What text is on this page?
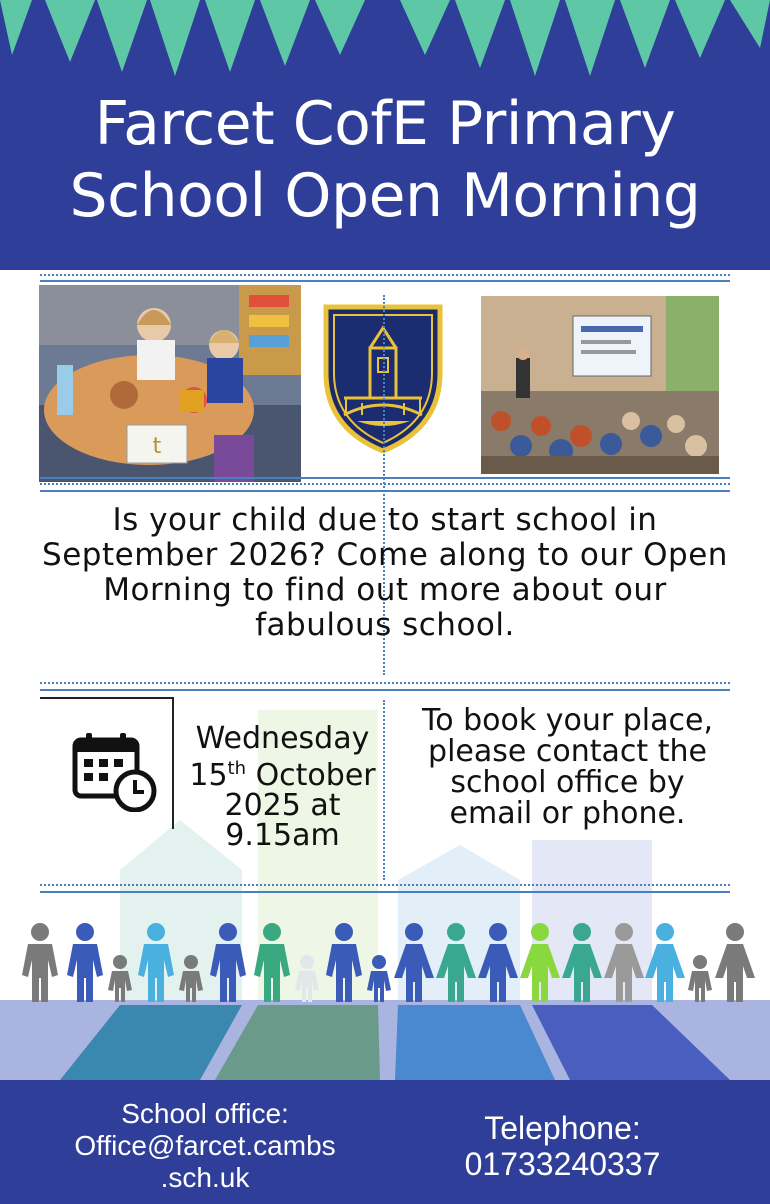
Farcet CofE Primary
School Open Morning
t
Is your child due to start school in September 2026? Come along to our Open Morning to find out more about our fabulous school.
Wednesday
15th October
2025 at
9.15am
To book your place, please contact the school office by email or phone.
School office:
Office@farcet.cambs
.sch.uk
Telephone:
01733240337
